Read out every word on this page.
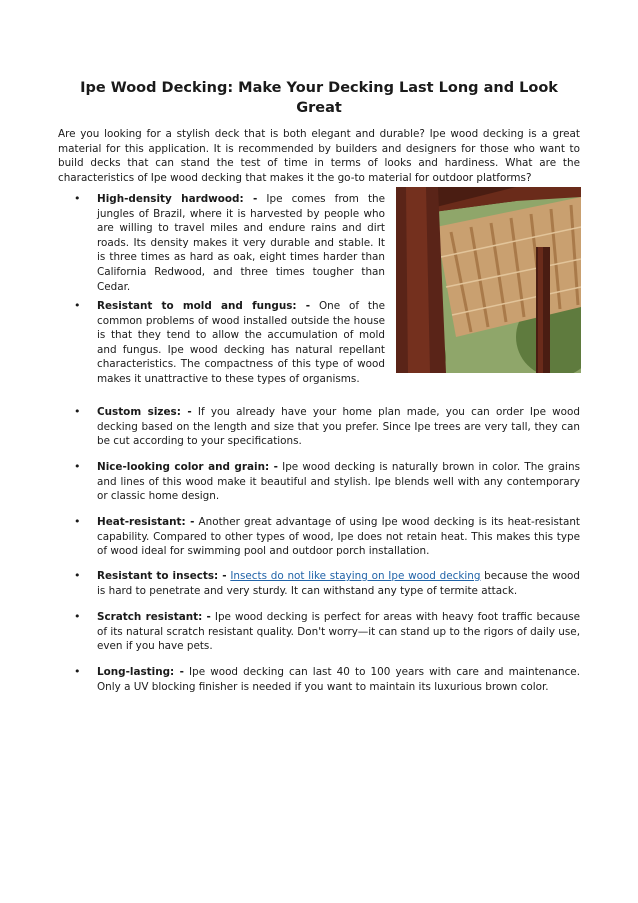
Ipe Wood Decking: Make Your Decking Last Long and Look Great
Are you looking for a stylish deck that is both elegant and durable? Ipe wood decking is a great material for this application. It is recommended by builders and designers for those who want to build decks that can stand the test of time in terms of looks and hardiness. What are the characteristics of Ipe wood decking that makes it the go-to material for outdoor platforms?
• High-density hardwood: - Ipe comes from the jungles of Brazil, where it is harvested by people who are willing to travel miles and endure rains and dirt roads. Its density makes it very durable and stable. It is three times as hard as oak, eight times harder than California Redwood, and three times tougher than Cedar.
• Resistant to mold and fungus: - One of the common problems of wood installed outside the house is that they tend to allow the accumulation of mold and fungus. Ipe wood decking has natural repellant characteristics. The compactness of this type of wood makes it unattractive to these types of organisms.
• Custom sizes: - If you already have your home plan made, you can order Ipe wood decking based on the length and size that you prefer. Since Ipe trees are very tall, they can be cut according to your specifications.
• Nice-looking color and grain: - Ipe wood decking is naturally brown in color. The grains and lines of this wood make it beautiful and stylish. Ipe blends well with any contemporary or classic home design.
• Heat-resistant: - Another great advantage of using Ipe wood decking is its heat-resistant capability. Compared to other types of wood, Ipe does not retain heat. This makes this type of wood ideal for swimming pool and outdoor porch installation.
• Resistant to insects: - Insects do not like staying on Ipe wood decking because the wood is hard to penetrate and very sturdy. It can withstand any type of termite attack.
• Scratch resistant: - Ipe wood decking is perfect for areas with heavy foot traffic because of its natural scratch resistant quality. Don't worry—it can stand up to the rigors of daily use, even if you have pets.
• Long-lasting: - Ipe wood decking can last 40 to 100 years with care and maintenance. Only a UV blocking finisher is needed if you want to maintain its luxurious brown color.
